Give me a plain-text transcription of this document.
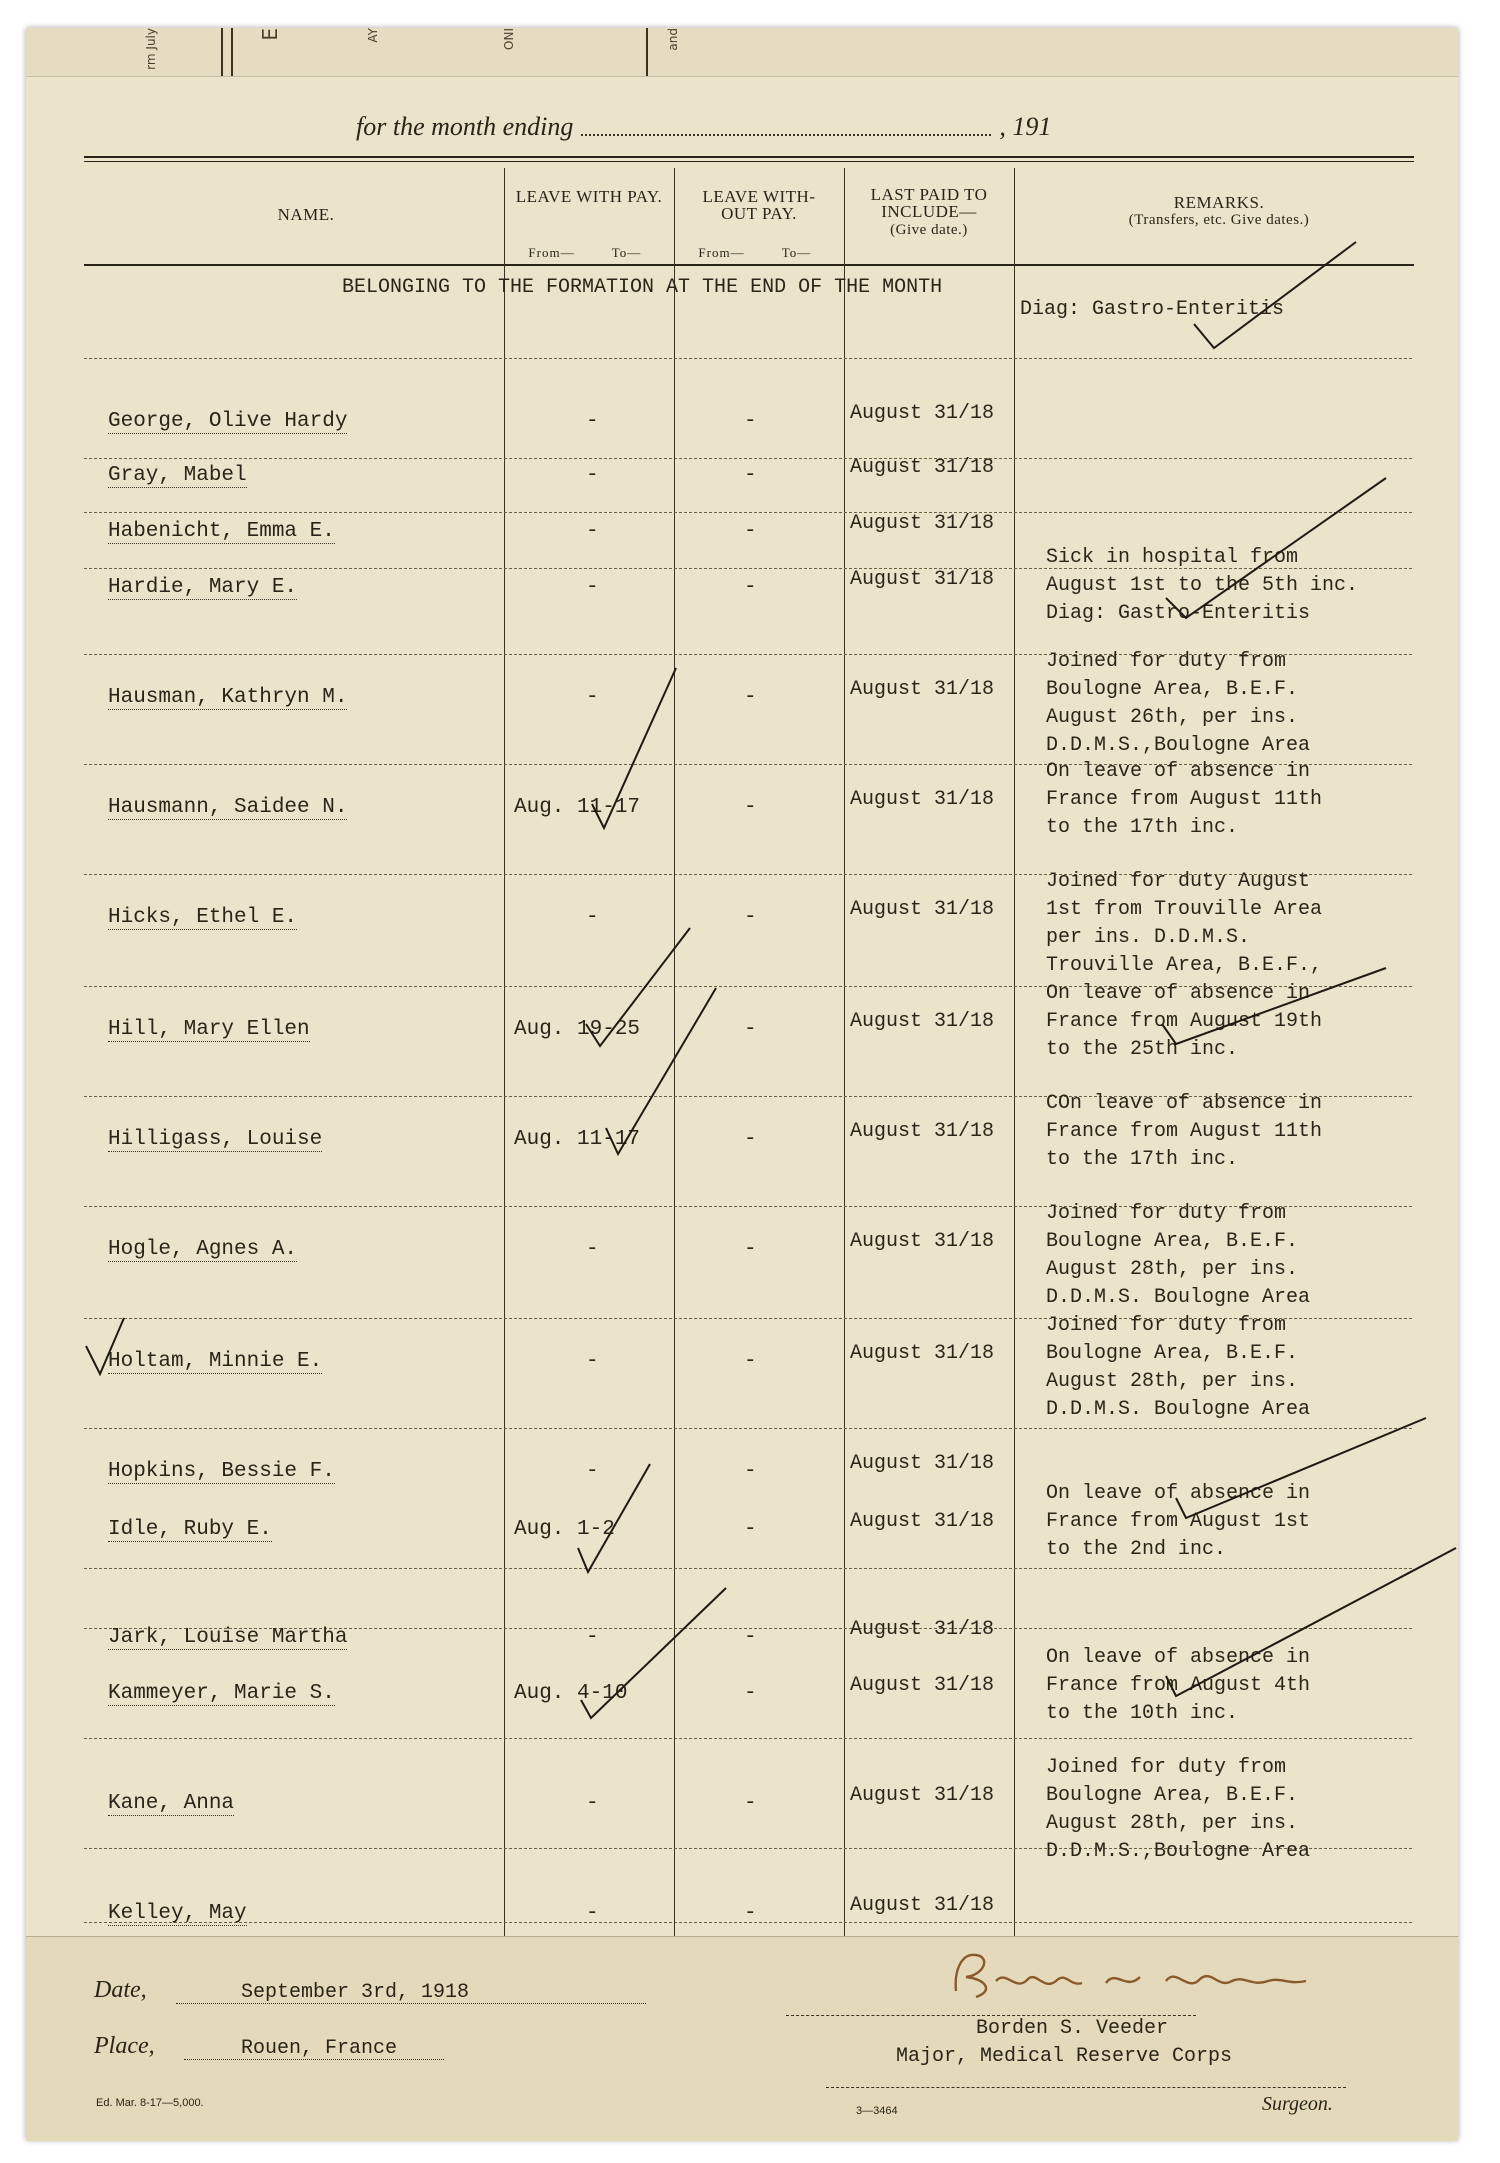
rm July	E	AY	ONI	and
for the month ending	, 191
NAME.
LEAVE WITH PAY.
From—	To—
LEAVE WITH-
OUT PAY.
From—	To—
LAST PAID TO
INCLUDE—
(Give date.)
REMARKS.
(Transfers, etc. Give dates.)
BELONGING TO THE FORMATION AT THE END OF THE MONTH
Diag: Gastro-Enteritis
George, Olive Hardy	-	-	August 31/18
Gray, Mabel	-	-	August 31/18
Habenicht, Emma E.	-	-	August 31/18
Hardie, Mary E.	-	-	August 31/18
Sick in hospital from
August 1st to the 5th inc.
Diag: Gastro-Enteritis
Hausman, Kathryn M.	-	-	August 31/18
Joined for duty from
Boulogne Area, B.E.F.
August 26th, per ins.
D.D.M.S.,Boulogne Area
Hausmann, Saidee N.	Aug. 11-17	-	August 31/18
On leave of absence in
France from August 11th
to the 17th inc.
Hicks, Ethel E.	-	-	August 31/18
Joined for duty August
1st from Trouville Area
per ins. D.D.M.S.
Trouville Area, B.E.F.,
Hill, Mary Ellen	Aug. 19-25	-	August 31/18
On leave of absence in
France from August 19th
to the 25th inc.
Hilligass, Louise	Aug. 11-17	-	August 31/18
COn leave of absence in
France from August 11th
to the 17th inc.
Hogle, Agnes A.	-	-	August 31/18
Joined for duty from
Boulogne Area, B.E.F.
August 28th, per ins.
D.D.M.S. Boulogne Area
Holtam, Minnie E.	-	-	August 31/18
Joined for duty from
Boulogne Area, B.E.F.
August 28th, per ins.
D.D.M.S. Boulogne Area
Hopkins, Bessie F.	-	-	August 31/18
Idle, Ruby E.	Aug. 1-2	-	August 31/18
On leave of absence in
France from August 1st
to the 2nd inc.
Jark, Louise Martha	-	-	August 31/18
Kammeyer, Marie S.	Aug. 4-10	-	August 31/18
On leave of absence in
France from August 4th
to the 10th inc.
Kane, Anna	-	-	August 31/18
Joined for duty from
Boulogne Area, B.E.F.
August 28th, per ins.
D.D.M.S.,Boulogne Area
Kelley, May	-	-	August 31/18
Date,	September 3rd, 1918
Place,	Rouen, France
Ed. Mar. 8-17—5,000.
Borden S. Veeder
Major, Medical Reserve Corps
3—3464	Surgeon.
